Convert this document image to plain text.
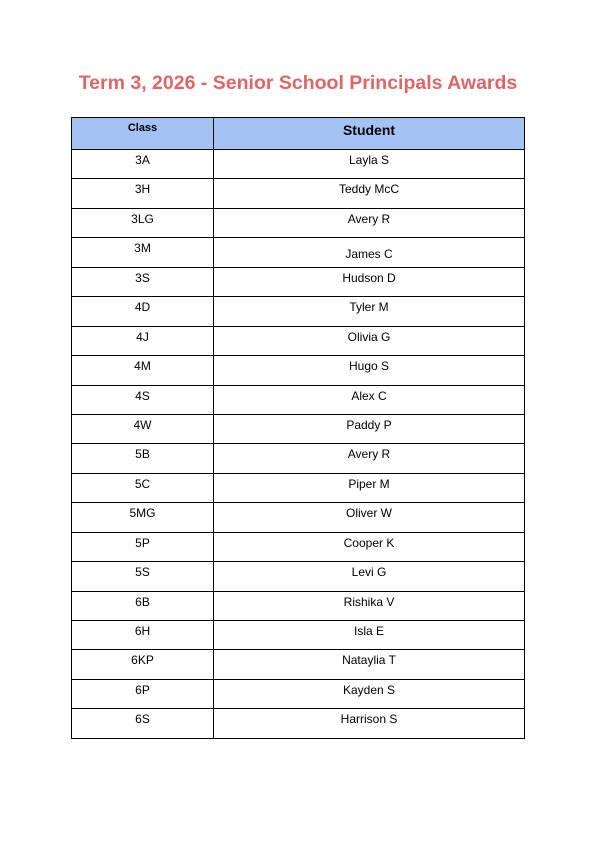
Term 3, 2026 - Senior School Principals Awards
Class	Student

3A	Layla S

3H	Teddy McC

3LG	Avery R

3M	James C

3S	Hudson D

4D	Tyler M

4J	Olivia G

4M	Hugo S

4S	Alex C

4W	Paddy P

5B	Avery R

5C	Piper M

5MG	Oliver W

5P	Cooper K

5S	Levi G

6B	Rishika V

6H	Isla E

6KP	Nataylia T

6P	Kayden S

6S	Harrison S
